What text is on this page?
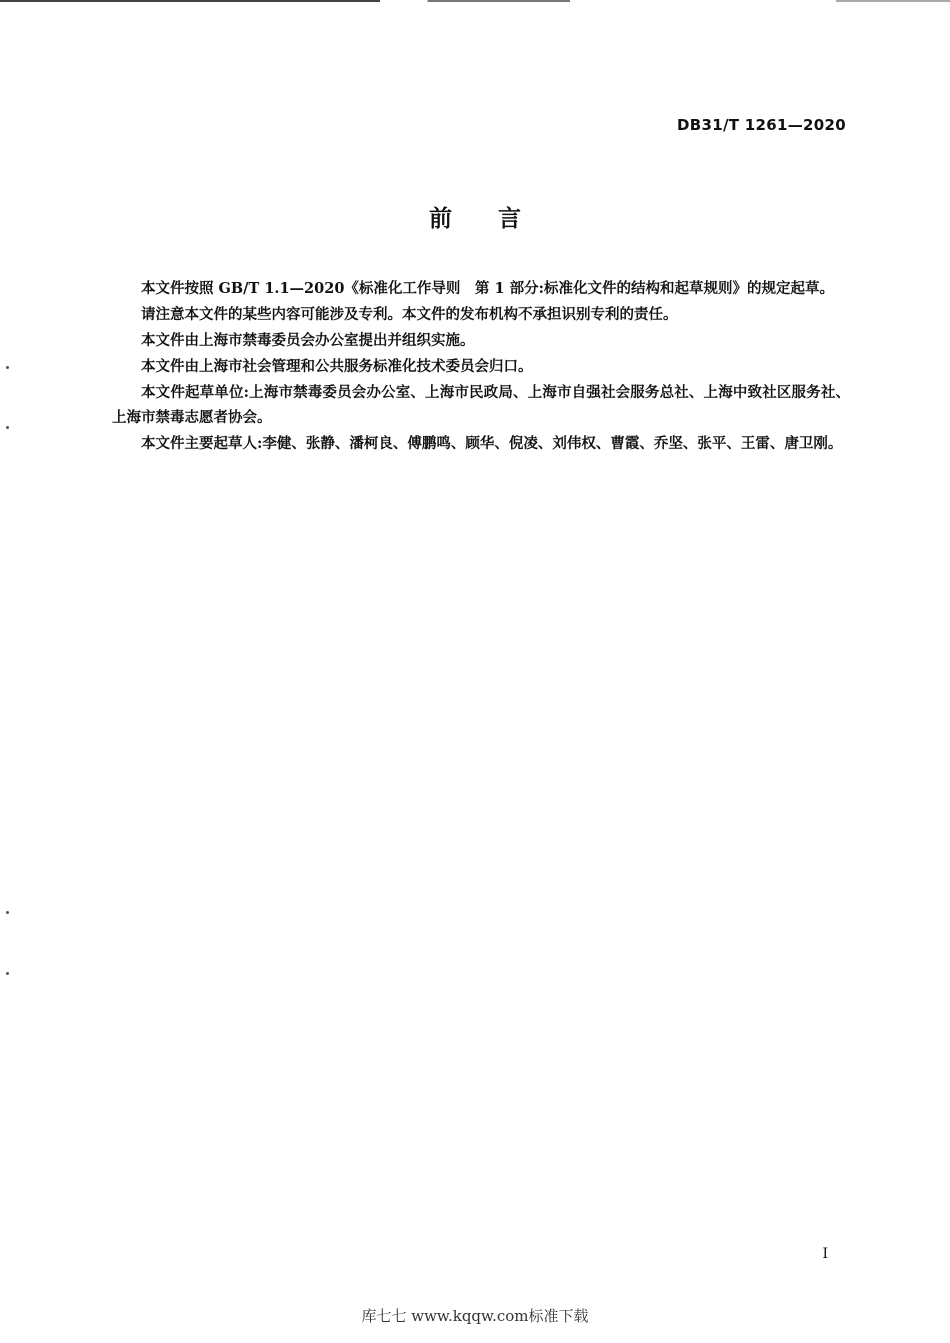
DB31/T 1261—2020
前言

本文件按照 GB/T 1.1—2020《标准化工作导则　第 1 部分:标准化文件的结构和起草规则》的规定起草。

请注意本文件的某些内容可能涉及专利。本文件的发布机构不承担识别专利的责任。

本文件由上海市禁毒委员会办公室提出并组织实施。

本文件由上海市社会管理和公共服务标准化技术委员会归口。

本文件起草单位:上海市禁毒委员会办公室、上海市民政局、上海市自强社会服务总社、上海中致社区服务社、上海市禁毒志愿者协会。

本文件主要起草人:李健、张静、潘柯良、傅鹏鸣、顾华、倪凌、刘伟权、曹霞、乔坚、张平、王雷、唐卫刚。

I
库七七 www.kqqw.com标准下载
